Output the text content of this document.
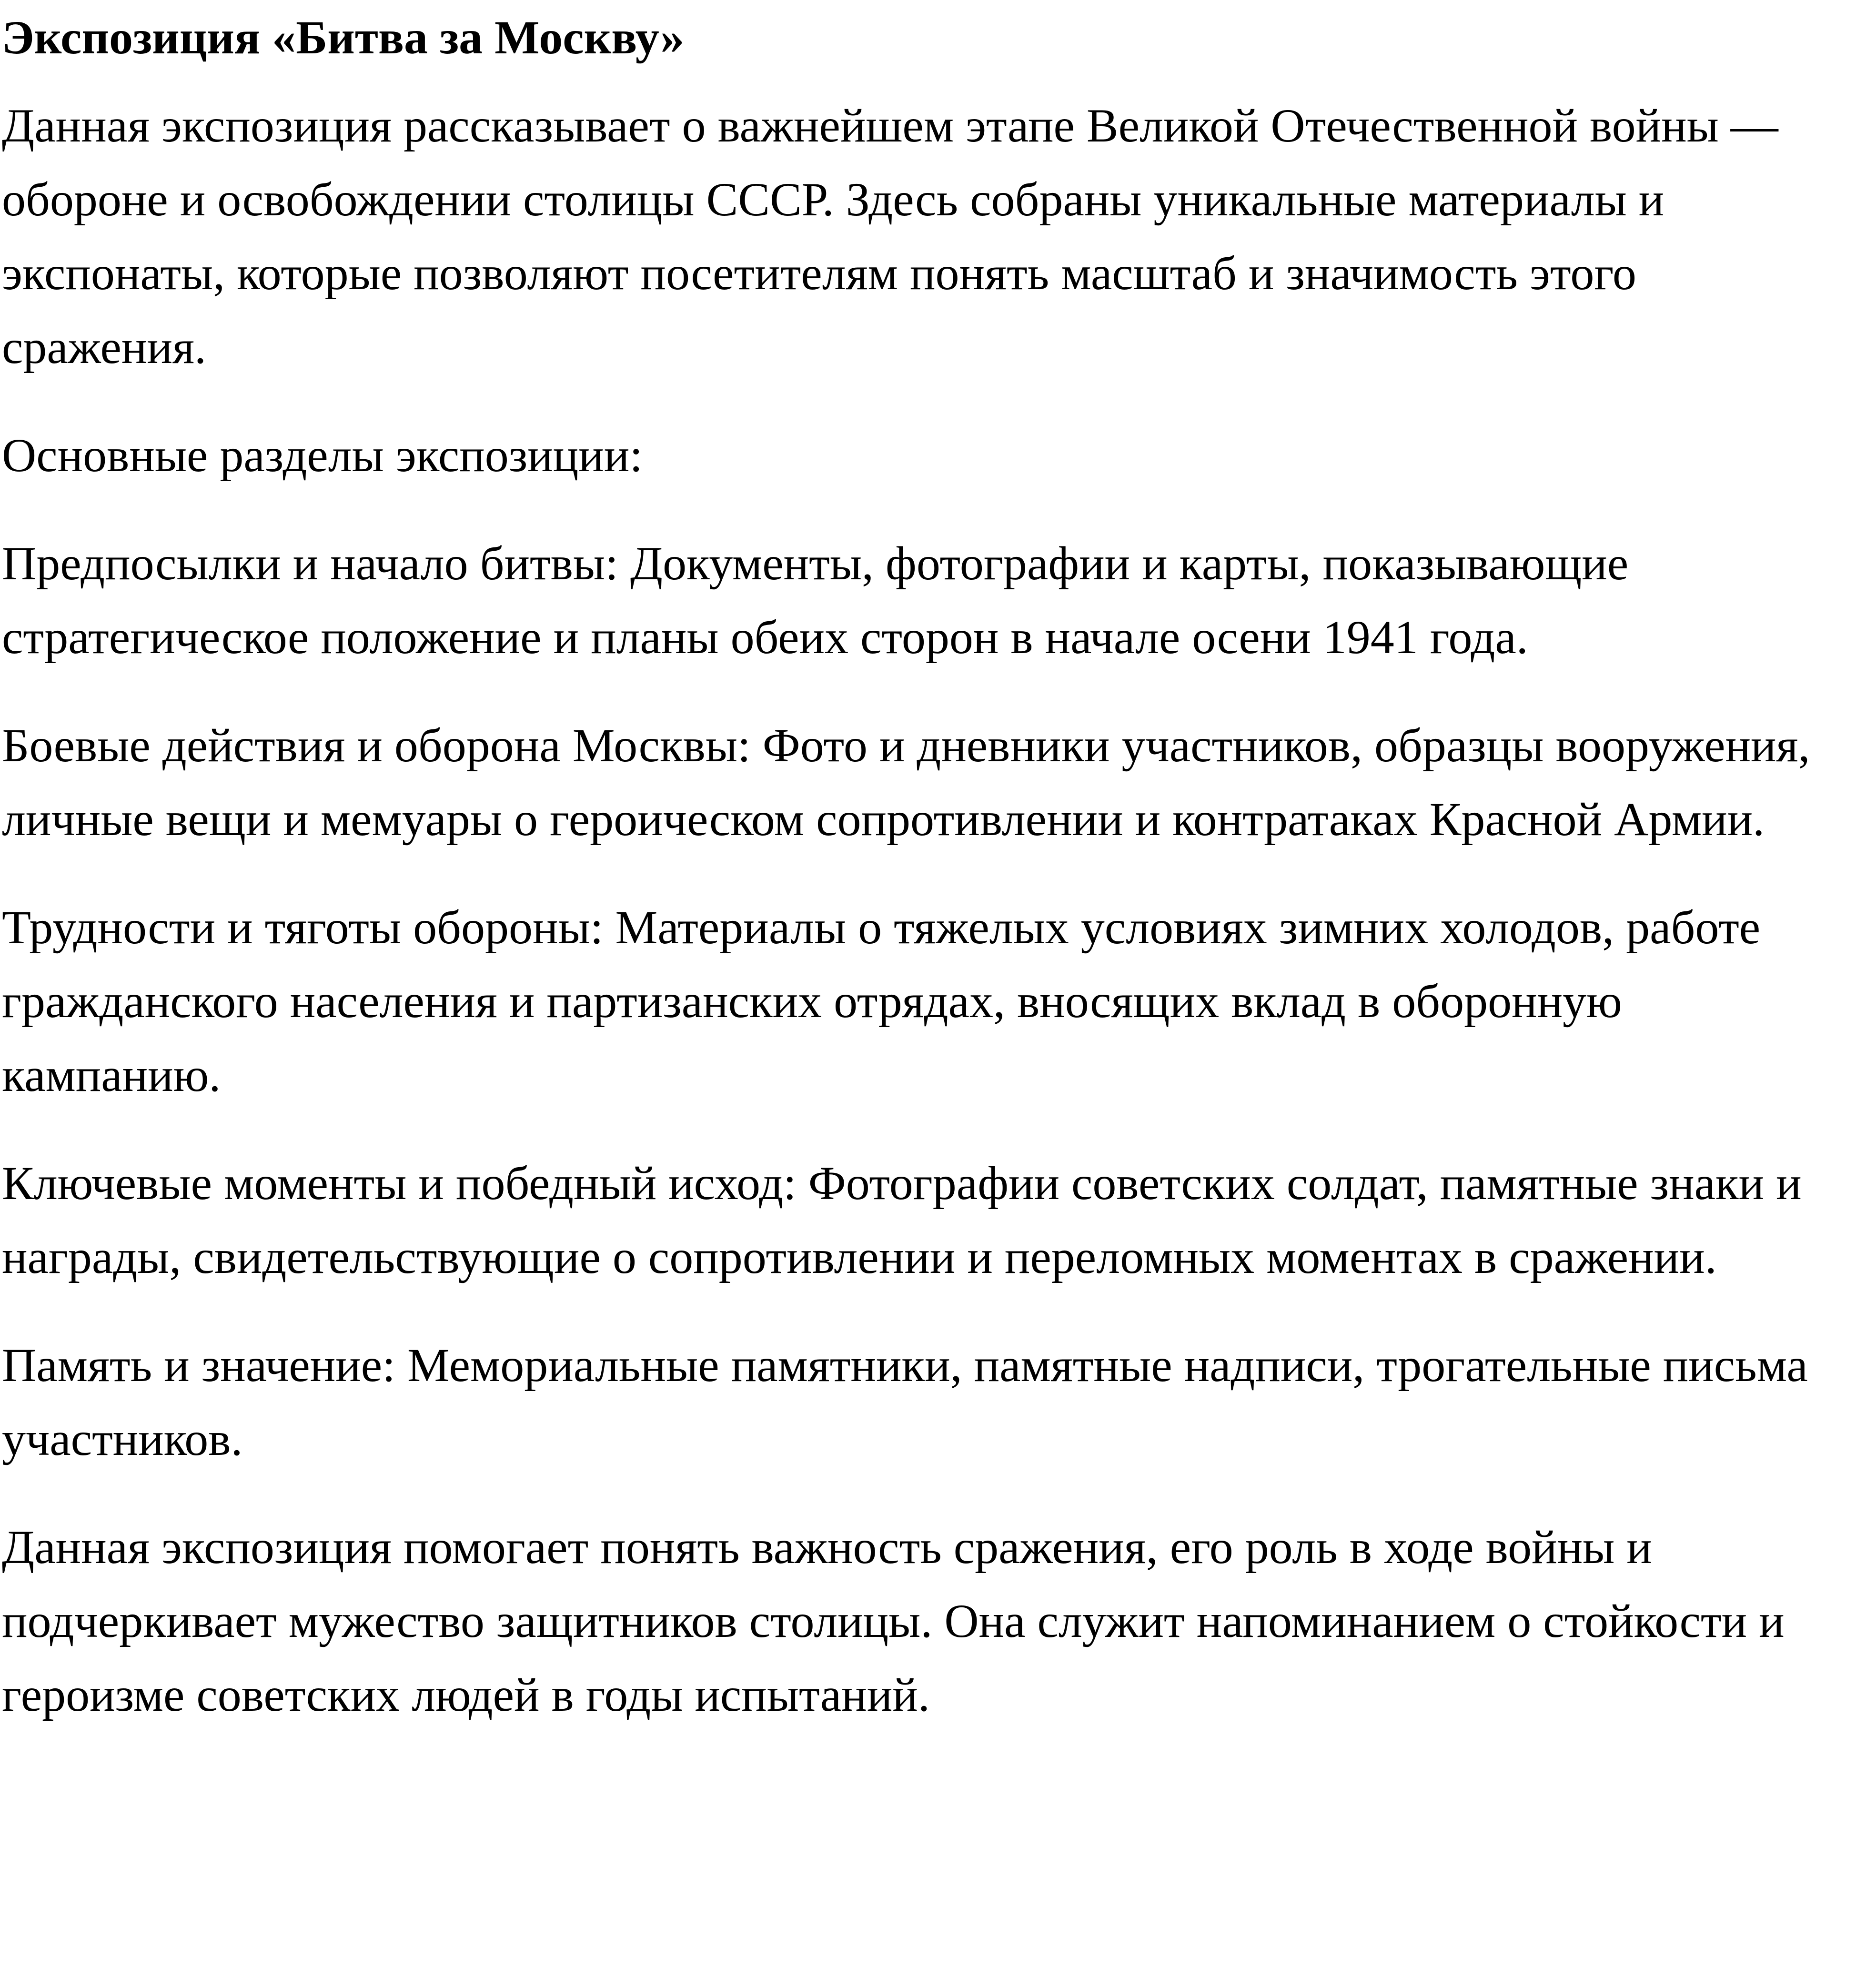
Экспозиция «Битва за Москву»

Данная экспозиция рассказывает о важнейшем этапе Великой Отечественной войны — обороне и освобождении столицы СССР. Здесь собраны уникальные материалы и экспонаты, которые позволяют посетителям понять масштаб и значимость этого сражения.

Основные разделы экспозиции:

Предпосылки и начало битвы: Документы, фотографии и карты, показывающие стратегическое положение и планы обеих сторон в начале осени 1941 года.

Боевые действия и оборона Москвы: Фото и дневники участников, образцы вооружения, личные вещи и мемуары о героическом сопротивлении и контратаках Красной Армии.

Трудности и тяготы обороны: Материалы о тяжелых условиях зимних холодов, работе гражданского населения и партизанских отрядах, вносящих вклад в оборонную кампанию.

Ключевые моменты и победный исход: Фотографии советских солдат, памятные знаки и награды, свидетельствующие о сопротивлении и переломных моментах в сражении.

Память и значение: Мемориальные памятники, памятные надписи, трогательные письма участников.

Данная экспозиция помогает понять важность сражения, его роль в ходе войны и подчеркивает мужество защитников столицы. Она служит напоминанием о стойкости и героизме советских людей в годы испытаний.
